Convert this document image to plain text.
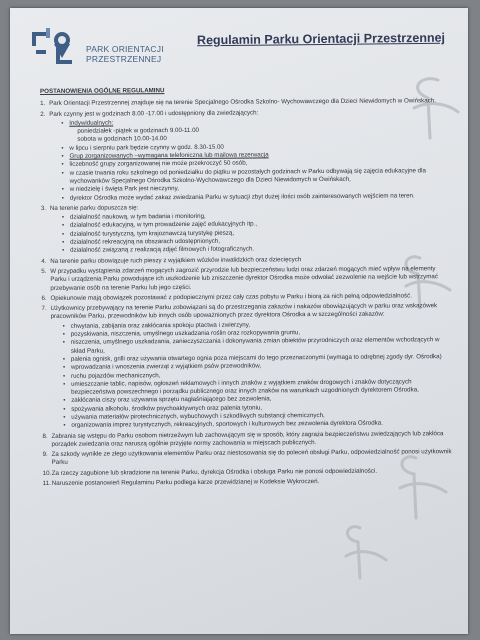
PARK ORIENTACJI
PRZESTRZENNEJ
Regulamin Parku Orientacji Przestrzennej
POSTANOWIENIA OGÓLNE REGULAMINU
1. Park Orientacji Przestrzennej znajduje się na terenie Specjalnego Ośrodka Szkolno- Wychowawczego dla Dzieci Niewidomych w Owińskach.
2. Park czynny jest w godzinach 8.00 -17.00 i udostępniony dla zwiedzających:
• Indywidualnych:
poniedziałek -piątek w godzinach 9.00-11.00
sobota w godzinach 10.00-14.00
• w lipcu i sierpniu park będzie czynny w godz. 8.30-15.00
• Grup zorganizowanych –wymagana telefoniczna lub mailowa rezerwacja
• liczebność grupy zorganizowanej nie może przekroczyć 50 osób,
• w czasie trwania roku szkolnego od poniedziałku do piątku w pozostałych godzinach w Parku odbywają się zajęcia edukacyjne dla wychowanków Specjalnego Ośrodka Szkolno-Wychowawczego dla Dzieci Niewidomych w Owińskach,
• w niedzielę i święta Park jest nieczynny,
• dyrektor Ośrodka może wydać zakaz zwiedzania Parku w sytuacji zbyt dużej ilości osób zainteresowanych wejściem na teren.
3. Na terenie parku dopuszcza się:
• działalność naukową, w tym badania i monitoring,
• działalność edukacyjną, w tym prowadzenie zajęć edukacyjnych itp.,
• działalność turystyczną, tym krajoznawczą turystykę pieszą,
• działalność rekreacyjną na obszarach udostępnionych,
• działalność związaną z realizacją zdjęć filmowych i fotograficznych.
4. Na terenie parku obowiązuje ruch pieszy z wyjątkiem wózków inwalidzkich oraz dziecięcych
5. W przypadku wystąpienia zdarzeń mogących zagrozić przyrodzie lub bezpieczeństwu ludzi oraz zdarzeń mogących mieć wpływ na elementy Parku i urządzenia Parku powodujące ich uszkodzenie lub zniszczenie dyrektor Ośrodka może odwołać zezwolenie na wejście lub wstrzymać przebywanie osób na terenie Parku lub jego części.
6. Opiekunowie mają obowiązek pozostawać z podopiecznymi przez cały czas pobytu w Parku i biorą za nich pełną odpowiedzialność.
7. Użytkownicy przebywający na terenie Parku zobowiązani są do przestrzegania zakazów i nakazów obowiązujących w parku oraz wskazówek pracowników Parku, przewodników lub innych osób upoważnionych przez dyrektora Ośrodka a w szczególności zakazów:
• chwytania, zabijania oraz zakłócania spokoju ptactwa i zwierzyny,
• pozyskiwania, niszczenia, umyślnego uszkadzania roślin oraz rozkopywania gruntu,
• niszczenia, umyślnego uszkadzania, zanieczyszczania i dokonywania zmian obiektów przyrodniczych oraz elementów wchodzących w skład Parku,
• palenia ognisk, grilli oraz używania otwartego ognia poza miejscami do tego przeznaczonymi (wymaga to odrębnej zgody dyr. Ośrodka)
• wprowadzania i wnoszenia zwierząt z wyjątkiem psów przewodników,
• ruchu pojazdów mechanicznych,
• umieszczanie tablic, napisów, ogłoszeń reklamowych i innych znaków z wyjątkiem znaków drogowych i znaków dotyczących bezpieczeństwa powszechnego i porządku publicznego oraz innych znaków na warunkach uzgodnionych dyrektorem Ośrodka,
• zakłócania ciszy oraz używania sprzętu nagłaśniającego bez zezwolenia,
• spożywania alkoholu, środków psychoaktywnych oraz palenia tytoniu,
• używania materiałów pirotechnicznych, wybuchowych i szkodliwych substancji chemicznych,
• organizowania imprez turystycznych, rekreacyjnych, sportowych i kulturowych bez zezwolenia dyrektora Ośrodka.
8. Zabrania się wstępu do Parku osobom nietrzeźwym lub zachowującym się w sposób, który zagraża bezpieczeństwu zwiedzających lub zakłóca porządek zwiedzania oraz naruszą ogólnie przyjęte normy zachowania w miejscach publicznych.
9. Za szkody wynikłe ze złego użytkowania elementów Parku oraz niestosowania się do poleceń obsługi Parku, odpowiedzialność ponosi użytkownik Parku
10. Za rzeczy zagubione lub skradzione na terenie Parku, dyrekcja Ośrodka i obsługa Parku nie ponosi odpowiedzialności.
11. Naruszenie postanowień Regulaminu Parku podlega karze przewidzianej w Kodeksie Wykroczeń.
